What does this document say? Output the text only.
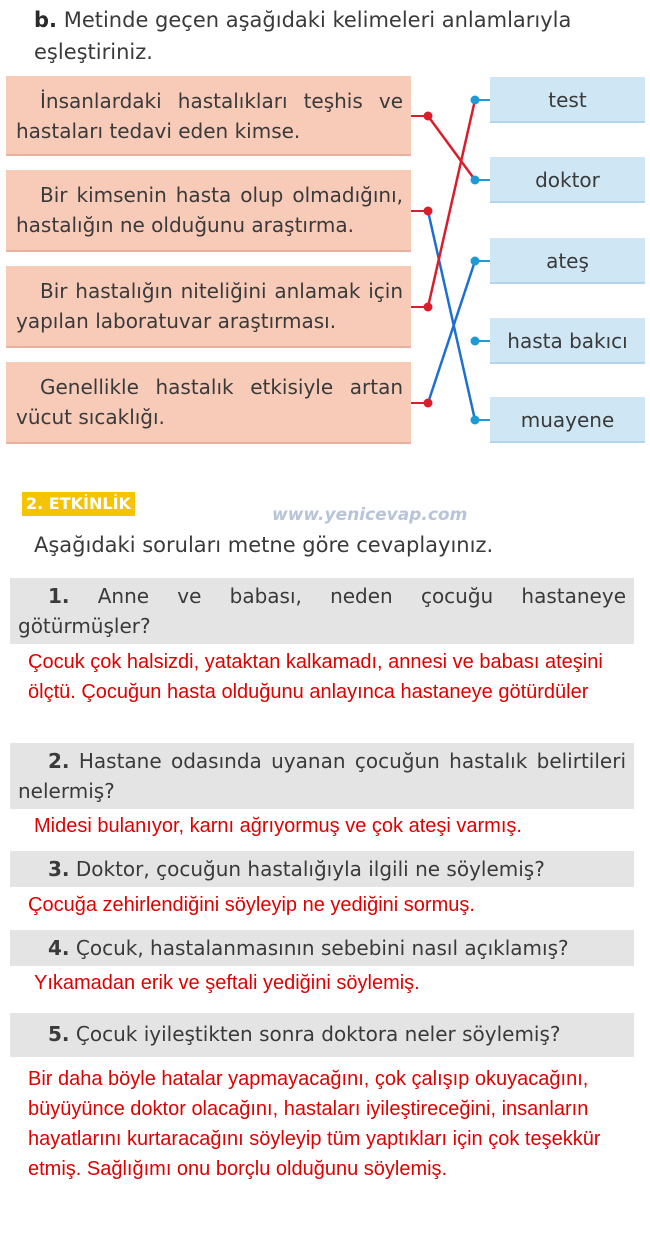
b. Metinde geçen aşağıdaki kelimeleri anlamlarıyla eşleştiriniz.
İnsanlardaki hastalıkları teşhis ve hastaları tedavi eden kimse.
Bir kimsenin hasta olup olmadığını, hastalığın ne olduğunu araştırma.
Bir hastalığın niteliğini anlamak için yapılan laboratuvar araştırması.
Genellikle hastalık etkisiyle artan vücut sıcaklığı.
test
doktor
ateş
hasta bakıcı
muayene
2. ETKİNLİK
www.yenicevap.com
Aşağıdaki soruları metne göre cevaplayınız.
1. Anne ve babası, neden çocuğu hastaneye götürmüşler?
Çocuk çok halsizdi, yataktan kalkamadı, annesi ve babası ateşini ölçtü. Çocuğun hasta olduğunu anlayınca hastaneye götürdüler
2. Hastane odasında uyanan çocuğun hastalık belirtileri nelermiş?
Midesi bulanıyor, karnı ağrıyormuş ve çok ateşi varmış.
3. Doktor, çocuğun hastalığıyla ilgili ne söylemiş?
Çocuğa zehirlendiğini söyleyip ne yediğini sormuş.
4. Çocuk, hastalanmasının sebebini nasıl açıklamış?
Yıkamadan erik ve şeftali yediğini söylemiş.
5. Çocuk iyileştikten sonra doktora neler söylemiş?
Bir daha böyle hatalar yapmayacağını, çok çalışıp okuyacağını, büyüyünce doktor olacağını, hastaları iyileştireceğini, insanların hayatlarını kurtaracağını söyleyip tüm yaptıkları için çok teşekkür etmiş. Sağlığımı onu borçlu olduğunu söylemiş.
